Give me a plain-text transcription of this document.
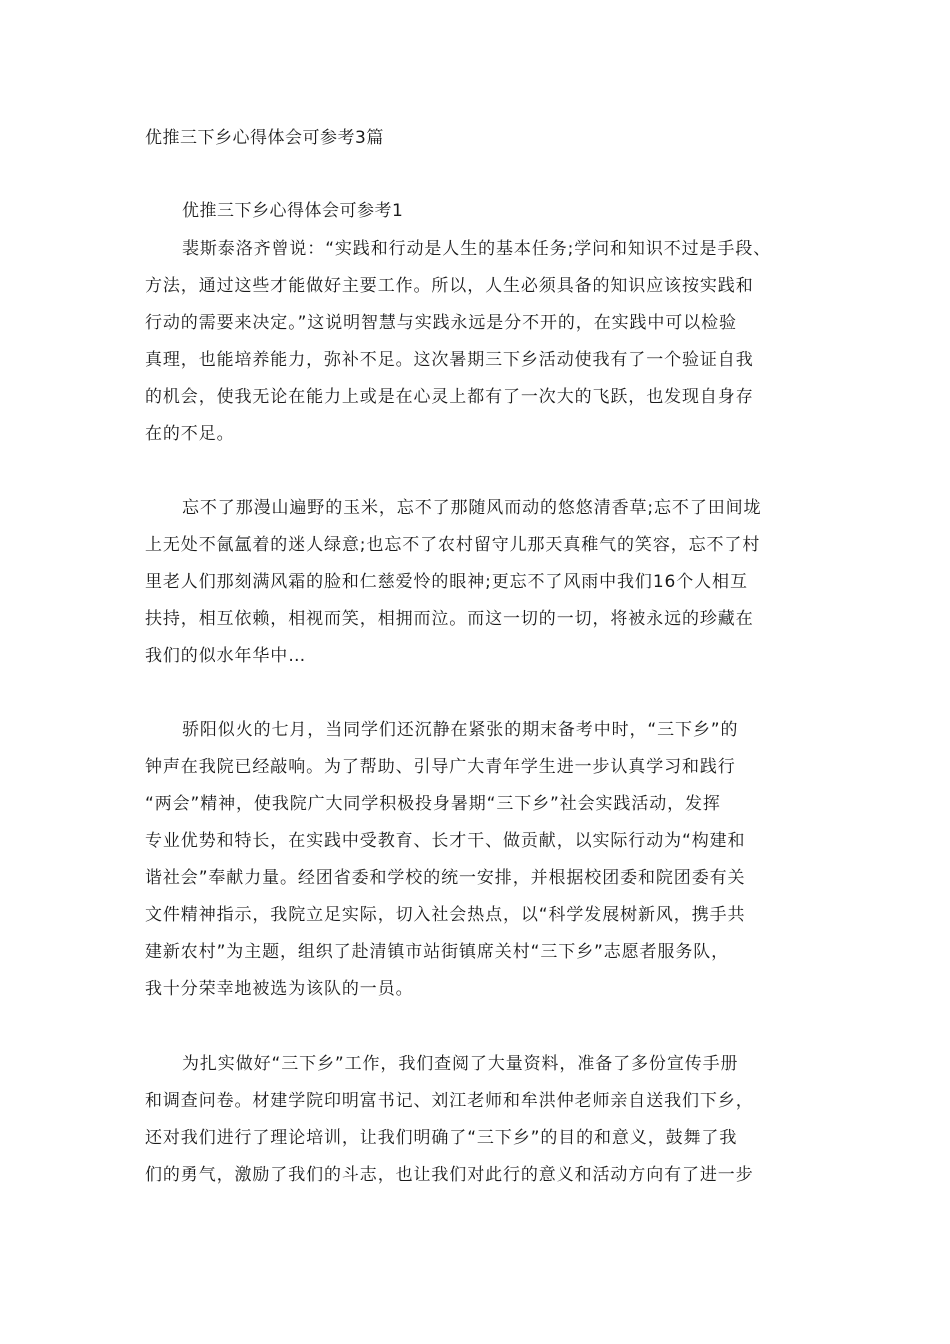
优推三下乡心得体会可参考3篇
优推三下乡心得体会可参考1
裴斯泰洛齐曾说：“实践和行动是人生的基本任务;学问和知识不过是手段、
方法，通过这些才能做好主要工作。所以，人生必须具备的知识应该按实践和
行动的需要来决定。”这说明智慧与实践永远是分不开的，在实践中可以检验
真理，也能培养能力，弥补不足。这次暑期三下乡活动使我有了一个验证自我
的机会，使我无论在能力上或是在心灵上都有了一次大的飞跃，也发现自身存
在的不足。
忘不了那漫山遍野的玉米，忘不了那随风而动的悠悠清香草;忘不了田间垅
上无处不氤氲着的迷人绿意;也忘不了农村留守儿那天真稚气的笑容，忘不了村
里老人们那刻满风霜的脸和仁慈爱怜的眼神;更忘不了风雨中我们16个人相互
扶持，相互依赖，相视而笑，相拥而泣。而这一切的一切，将被永远的珍藏在
我们的似水年华中…
骄阳似火的七月，当同学们还沉静在紧张的期末备考中时，“三下乡”的
钟声在我院已经敲响。为了帮助、引导广大青年学生进一步认真学习和践行
“两会”精神，使我院广大同学积极投身暑期“三下乡”社会实践活动，发挥
专业优势和特长，在实践中受教育、长才干、做贡献，以实际行动为“构建和
谐社会”奉献力量。经团省委和学校的统一安排，并根据校团委和院团委有关
文件精神指示，我院立足实际，切入社会热点，以“科学发展树新风，携手共
建新农村”为主题，组织了赴清镇市站街镇席关村“三下乡”志愿者服务队，
我十分荣幸地被选为该队的一员。
为扎实做好“三下乡”工作，我们查阅了大量资料，准备了多份宣传手册
和调查问卷。材建学院印明富书记、刘江老师和牟洪仲老师亲自送我们下乡，
还对我们进行了理论培训，让我们明确了“三下乡”的目的和意义，鼓舞了我
们的勇气，激励了我们的斗志，也让我们对此行的意义和活动方向有了进一步
